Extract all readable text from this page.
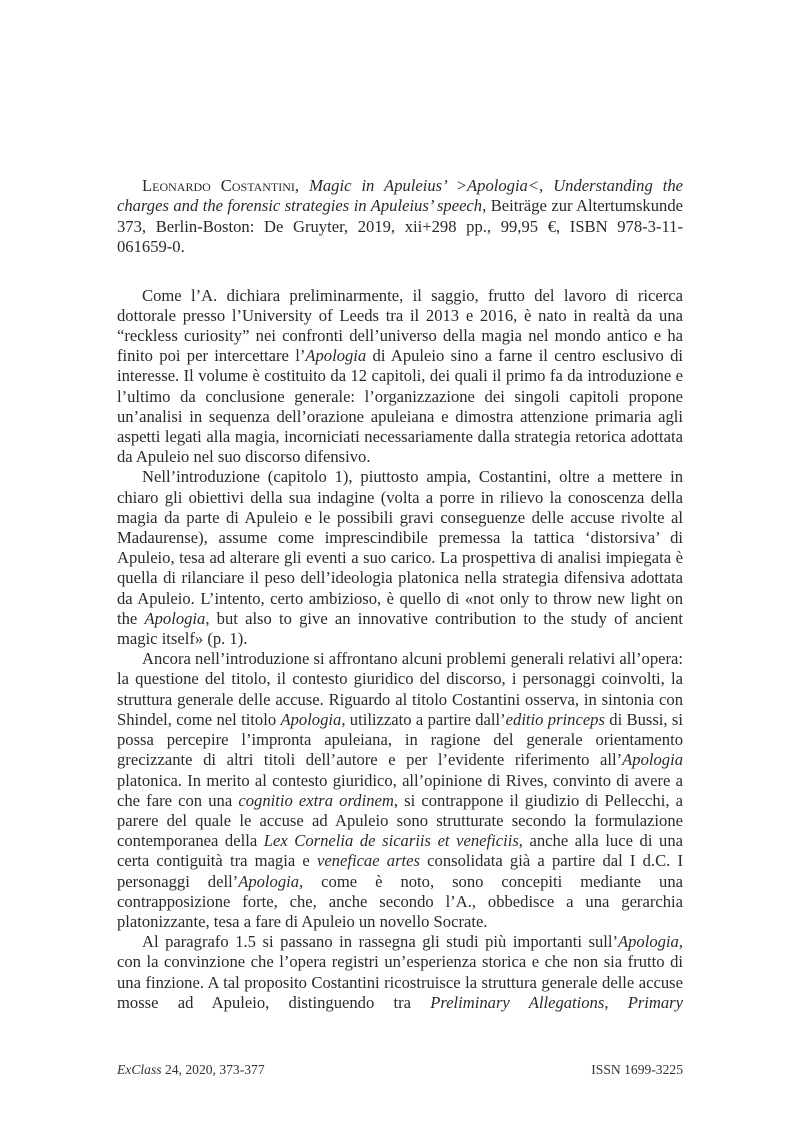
Leonardo Costantini, Magic in Apuleius’ >Apologia<, Understanding the charges and the forensic strategies in Apuleius’ speech, Beiträge zur Altertumskunde 373, Berlin-Boston: De Gruyter, 2019, xii+298 pp., 99,95 €, ISBN 978-3-11-061659-0.

Come l’A. dichiara preliminarmente, il saggio, frutto del lavoro di ricerca dottorale presso l’University of Leeds tra il 2013 e 2016, è nato in realtà da una “reckless curiosity” nei confronti dell’universo della magia nel mondo antico e ha finito poi per intercettare l’Apologia di Apuleio sino a farne il centro esclusivo di interesse. Il volume è costituito da 12 capitoli, dei quali il primo fa da introduzione e l’ultimo da conclusione generale: l’organizzazione dei singoli capitoli propone un’analisi in sequenza dell’orazione apuleiana e dimostra attenzione primaria agli aspetti legati alla magia, incorniciati necessariamente dalla strategia retorica adottata da Apuleio nel suo discorso difensivo.

Nell’introduzione (capitolo 1), piuttosto ampia, Costantini, oltre a mettere in chiaro gli obiettivi della sua indagine (volta a porre in rilievo la conoscenza della magia da parte di Apuleio e le possibili gravi conseguenze delle accuse rivolte al Madaurense), assume come imprescindibile premessa la tattica ‘distorsiva’ di Apuleio, tesa ad alterare gli eventi a suo carico. La prospettiva di analisi impiegata è quella di rilanciare il peso dell’ideologia platonica nella strategia difensiva adottata da Apuleio. L’intento, certo ambizioso, è quello di «not only to throw new light on the Apologia, but also to give an innovative contribution to the study of ancient magic itself» (p. 1).

Ancora nell’introduzione si affrontano alcuni problemi generali relativi all’opera: la questione del titolo, il contesto giuridico del discorso, i personaggi coinvolti, la struttura generale delle accuse. Riguardo al titolo Costantini osserva, in sintonia con Shindel, come nel titolo Apologia, utilizzato a partire dall’editio princeps di Bussi, si possa percepire l’impronta apuleiana, in ragione del generale orientamento grecizzante di altri titoli dell’autore e per l’evidente riferimento all’Apologia platonica. In merito al contesto giuridico, all’opinione di Rives, convinto di avere a che fare con una cognitio extra ordinem, si contrappone il giudizio di Pellecchi, a parere del quale le accuse ad Apuleio sono strutturate secondo la formulazione contemporanea della Lex Cornelia de sicariis et veneficiis, anche alla luce di una certa contiguità tra magia e veneficae artes consolidata già a partire dal I d.C. I personaggi dell’Apologia, come è noto, sono concepiti mediante una contrapposizione forte, che, anche secondo l’A., obbedisce a una gerarchia platonizzante, tesa a fare di Apuleio un novello Socrate.

Al paragrafo 1.5 si passano in rassegna gli studi più importanti sull’Apologia, con la convinzione che l’opera registri un’esperienza storica e che non sia frutto di una finzione. A tal proposito Costantini ricostruisce la struttura generale delle accuse mosse ad Apuleio, distinguendo tra Preliminary Allegations, Primary

ExClass 24, 2020, 373-377	ISSN 1699-3225
